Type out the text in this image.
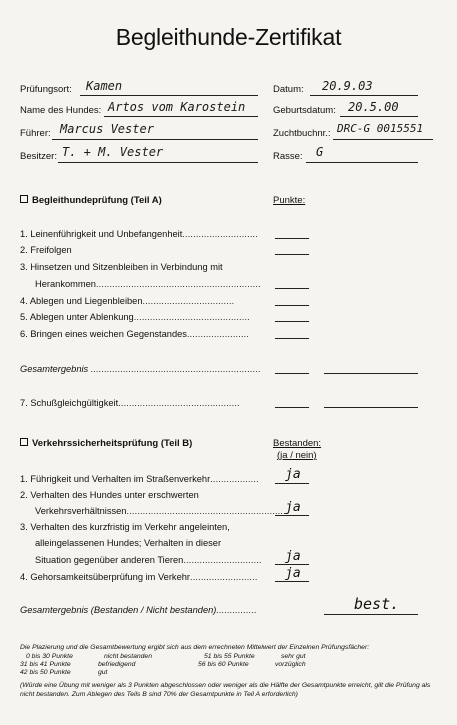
Begleithunde-Zertifikat
Prüfungsort: Kamen	Datum: 20.9.03
Name des Hundes: Artos vom Karostein	Geburtsdatum: 20.5.00
Führer: Marcus Vester	Zuchtbuchnr.: DRC-G 0015551
Besitzer: T. + M. Vester	Rasse: G
Begleithundeprüfung (Teil A)	Punkte:
1. Leinenführigkeit und Unbefangenheit............................
2. Freifolgen
3. Hinsetzen und Sitzenbleiben in Verbindung mit
Herankommen.............................................................
4. Ablegen und Liegenbleiben..................................
5. Ablegen unter Ablenkung...........................................
6. Bringen eines weichen Gegenstandes.......................
Gesamtergebnis ...............................................................
7. Schußgleichgültigkeit.............................................
Verkehrssicherheitsprüfung (Teil B)	Bestanden:
(ja / nein)
1. Führigkeit und Verhalten im Straßenverkehr.................. ja
2. Verhalten des Hundes unter erschwerten
Verkehrsverhältnissen............................................................
ja
3. Verhalten des kurzfristig im Verkehr angeleinten,
alleingelassenen Hundes; Verhalten in dieser
Situation gegenüber anderen Tieren............................. ja
4. Gehorsamkeitsüberprüfung im Verkehr......................... ja
Gesamtergebnis (Bestanden / Nicht bestanden)...............	best.
Die Plazierung und die Gesamtbewertung ergibt sich aus dem errechneten Mittelwert der Einzelnen Prüfungsfächer:
0 bis 30 Punkte	nicht bestanden	51 bis 55 Punkte	sehr gut
31 bis 41 Punkte	befriedigend	56 bis 60 Punkte	vorzüglich
42 bis 50 Punkte	gut
(Würde eine Übung mit weniger als 3 Punkten abgeschlossen oder weniger als die Hälfte der Gesamtpunkte erreicht, gilt die Prüfung als nicht bestanden. Zum Ablegen des Teils B sind 70% der Gesamtpunkte in Teil A erforderlich)
